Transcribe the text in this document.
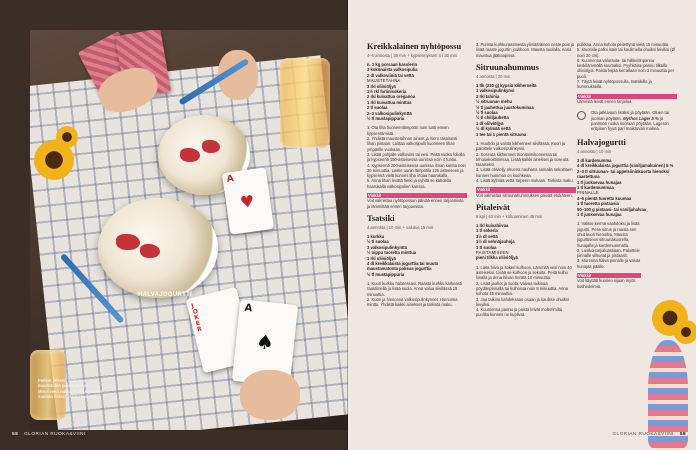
A
♥
J
O
K
E
R
A
♠
HALVAJOGURTTI
Pelikin jälkeen sinihimo muuttuukin puolihaneksi. Mouriseen makurinnan ehditään suolata halvalaisesta laidestä.
58 GLORIAN RUOKA&VIINI
Kreikkalainen nyhtöpossu
4–6 annosta | 30 min + kypsennyksen 4 t 30 min
n. 1 kg porsaan kasslerin
3 kokonaista valkosipulia
2 dl valkoviiniä tai vettä
MAUSTETAHNA
3 rkl oliiviöljyä
1½ rkl fariinisokeria
2 rkl kuivattua oreganoa
1 rkl kuivattua minttua
2 tl suolaa
2–3 valkosipulinkynttä
½ tl mustapippuria
1. Ota liha huoneenlämpöön noin tunti ennen kypsentämistä.
2. Yhdistä maustetahnan aineet ja hiero tasaisesti lihan pintaan. Laittaa valkosipulit kuorineen lihan ympärille vuokaan.
3. Lisää pohjalle valkoviini tai vesi. Peitä vuoka foliolla ja kypsennä 150-asteisessa uunissa noin 4 tuntia.
4. Kypsennä 200-asteisessa uunissa ilman kantta noin 30 minuuttia. Laske uunin lämpötila 125 asteeseen ja kypsennä vielä kunnes liha irtoaa haarukalla.
5. Anna lihan levätä hetki ja nyhdä se kahdella haarukalla valkosipulien kanssa.
Vinkki!
Voit valmistaa nyhtöpossun päivää ennen tarjoamista ja lämmittää ennen tarjoamista.
Tsatsiki
4 annosta | 10 min + valutus 15 min
1 kurkku
½ tl suolaa
3 valkosipulinkynttä
½ nippu tuoretta minttua
1 rkl oliiviöljyä
4 dl kreikkalaista jogurttia tai muuta maustamatonta paksua jogurttia
½ tl mustapippuria
1. Kuori kurkku halutessasi. Raasta kurkku karkeasti raastimella ja lisää suola. Anna valua siivilässä 15 minuuttia.
2. Kuori ja hienonna valkosipulinkynnet. Hienonna minttu. Yhdistä kaikki ainekset ja tarkista maku.
3. Purista kurkkuraasteesta ylimääräinen neste pois ja lisää raaste jogurtin joukkoon. Mausta suolalla. Anna maustua jääkaapissa.
Sitruunahummus
4 annosta | 20 min
1 tlk (230 g) kypsiä kikherneitä
1 valkosipulinkynsi
3 rkl tahinia
½ sitruunan mehu
½ tl jauhettua juustokuminaa
½ tl suolaa
½ tl chilijauhetta
1 dl oliiviöljyä
½ dl kylmää vettä
1 tee tai 1 pientä sitruuna
1. Huuhdo ja valuta kikherneet siivilässä. Kuori ja paloittele valkosipulinkynsi.
2. Soseuta kikherneet monitoimikoneessa tai tehosekoittimessa. Lisää kaikki ainekset ja soseuta tasaiseksi.
3. Lisää oliiviöljy ohuena nauhana samalla sekoittaen kunnes hummus on kuohkeaa.
4. Lisää kylmää vettä tarpeen mukaan. Tarkista maku.
Vinkki!
Voit valmistaa sitruunahummuksen päivää etukäteen.
Pitaleivät
8 kpl | 40 min + kohoaminen 45 min
1 rkl kuivahiivaa
1 tl sokeria
3½ dl vettä
1½ dl vehnäjauhoja
1 tl suolaa
PAISTAMISEEN
pieni tilkka oliiviöljyä
1. Laita hiiva ja sokeri kulhoon. Lämmitä vesi noin 40 asteiseksi. Lisää se kulhoon ja sekoita. Peitä kulho liinalla ja anna hiivan herätä 10 minuuttia.
2. Lisää jauhot ja suola. Vaivaa taikinaa pöydänpinnalla tai kulhossa noin 8 minuuttia. Anna kohota 45 minuuttia.
3. Jaa taikina kahdeksaan osaan ja kaulitse ohuiksi levyiksi.
4. Kuumenna pannu ja paista leivät molemmilta puolilta kunnes ne kuplivat.
pulkkaa. Anna kohota peitettynä vielä 15 minuuttia.
5. Muotoile palloi isäin tai kaulimella ohuiksi leiviksi (Ø noin 20 cm).
6. Kuumenna valurauta- tai hiilikeitinpannu keskilämmöllä kuumaksi. Pyyhkäise pannu tilkalla oliiviöljyä. Paista leipiä kerrallaan noin 3 minuuttia per puoli.
7. Täytä leivät nyhtöpossulla, tsatsikilla ja hummuksella.
Vinkki!
Lämmitä leivät ennen tarjoilua.
Ota jatkuvaan lisäksi ja pöytään. Oluen tai juoman pöytään. Mythos Lager 5 % ja panimon ruoka suoraan pöytään. Lageron erityisen hyvä pari maistuvan makea.
Halvajogurtti
4 annosta | 10 min
3 dl kardenumma
4 dl kreikkalaista jogurttia (vaniljamakuinen) 5 %
2–3 tl sitruunan- tai appelsiininkuorta hienoksi raastettuna
1 tl juoksevaa hunajaa
1 tl kardemummaa
PINNALLE
4–6 pientä tuoretta kuumaa
1 tl tuoretta pistaasia
50–100 g pistaasi- tai vaniljahalvaa
1 tl juoksevaa hunajaa
1. Valitse kerma vaahdoksi ja lisää jogurtti. Pese sitrus ja raasta sen ohut kuori hienoiksi. Mausta jogurttiseos sitruunakuorella, hunajalla ja kardemummalla.
2. Lusikoi tarjoiluastiaan. Paloittele pinnalle viikunat ja pistaasit.
3. Murenna halva pinnalle ja valuta hunajaa päälle.
Vinkki!
Voit käyttää kuorien sijaan myös kotihedelmiä.
GLORIAN RUOKA&VIINI 59
